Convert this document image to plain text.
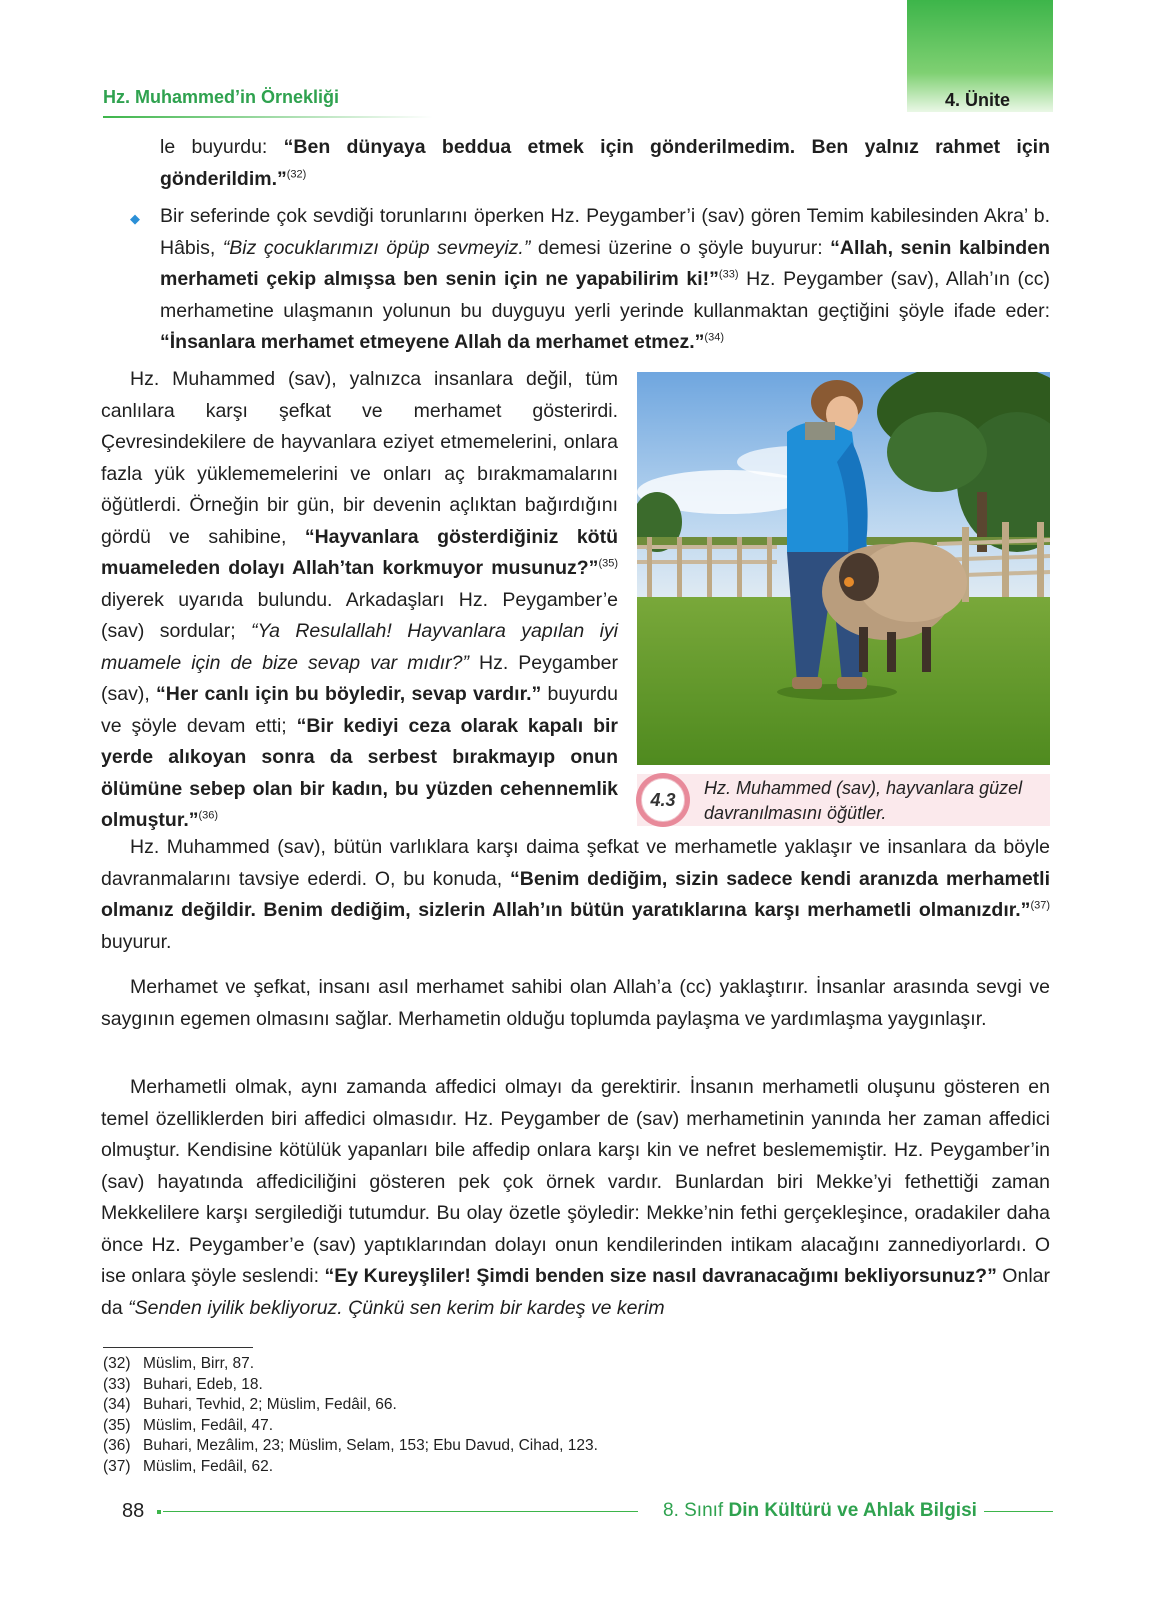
4. Ünite
Hz. Muhammed’in Örnekliği

le buyurdu: “Ben dünyaya beddua etmek için gönderilmedim. Ben yalnız rahmet için gönderildim.”$^{(32)}$

◆ Bir seferinde çok sevdiği torunlarını öperken Hz. Peygamber’i (sav) gören Temim kabilesinden Akra’ b. Hâbis, “Biz çocuklarımızı öpüp sevmeyiz.” demesi üzerine o şöyle buyurur: “Allah, senin kalbinden merhameti çekip almışsa ben senin için ne yapabilirim ki!”$^{(33)}$ Hz. Peygamber (sav), Allah’ın (cc) merhametine ulaşmanın yolunun bu duyguyu yerli yerinde kullanmaktan geçtiğini şöyle ifade eder: “İnsanlara merhamet etmeyene Allah da merhamet etmez.”$^{(34)}$

Hz. Muhammed (sav), yalnızca insanlara değil, tüm canlılara karşı şefkat ve merhamet gösterirdi. Çevresindekilere de hayvanlara eziyet etmemelerini, onlara fazla yük yüklememelerini ve onları aç bırakmamalarını öğütlerdi. Örneğin bir gün, bir devenin açlıktan bağırdığını gördü ve sahibine, “Hayvanlara gösterdiğiniz kötü muameleden dolayı Allah’tan korkmuyor musunuz?”$^{(35)}$ diyerek uyarıda bulundu. Arkadaşları Hz. Peygamber’e (sav) sordular; “Ya Resulallah! Hayvanlara yapılan iyi muamele için de bize sevap var mıdır?” Hz. Peygamber (sav), “Her canlı için bu böyledir, sevap vardır.” buyurdu ve şöyle devam etti; “Bir kediyi ceza olarak kapalı bir yerde alıkoyan sonra da serbest bırakmayıp onun ölümüne sebep olan bir kadın, bu yüzden cehennemlik olmuştur.”$^{(36)}$

4.3
Hz. Muhammed (sav), hayvanlara güzel davranılmasını öğütler.

Hz. Muhammed (sav), bütün varlıklara karşı daima şefkat ve merhametle yaklaşır ve insanlara da böyle davranmalarını tavsiye ederdi. O, bu konuda, “Benim dediğim, sizin sadece kendi aranızda merhametli olmanız değildir. Benim dediğim, sizlerin Allah’ın bütün yaratıklarına karşı merhametli olmanızdır.”$^{(37)}$ buyurur.

Merhamet ve şefkat, insanı asıl merhamet sahibi olan Allah’a (cc) yaklaştırır. İnsanlar arasında sevgi ve saygının egemen olmasını sağlar. Merhametin olduğu toplumda paylaşma ve yardımlaşma yaygınlaşır.

Merhametli olmak, aynı zamanda affedici olmayı da gerektirir. İnsanın merhametli oluşunu gösteren en temel özelliklerden biri affedici olmasıdır. Hz. Peygamber de (sav) merhametinin yanında her zaman affedici olmuştur. Kendisine kötülük yapanları bile affedip onlara karşı kin ve nefret beslememiştir. Hz. Peygamber’in (sav) hayatında affediciliğini gösteren pek çok örnek vardır. Bunlardan biri Mekke’yi fethettiği zaman Mekkelilere karşı sergilediği tutumdur. Bu olay özetle şöyledir: Mekke’nin fethi gerçekleşince, oradakiler daha önce Hz. Peygamber’e (sav) yaptıklarından dolayı onun kendilerinden intikam alacağını zannediyorlardı. O ise onlara şöyle seslendi: “Ey Kureyşliler! Şimdi benden size nasıl davranacağımı bekliyorsunuz?” Onlar da “Senden iyilik bekliyoruz. Çünkü sen kerim bir kardeş ve kerim

(32) Müslim, Birr, 87.
(33) Buhari, Edeb, 18.
(34) Buhari, Tevhid, 2; Müslim, Fedâil, 66.
(35) Müslim, Fedâil, 47.
(36) Buhari, Mezâlim, 23; Müslim, Selam, 153; Ebu Davud, Cihad, 123.
(37) Müslim, Fedâil, 62.
88	8. Sınıf Din Kültürü ve Ahlak Bilgisi
